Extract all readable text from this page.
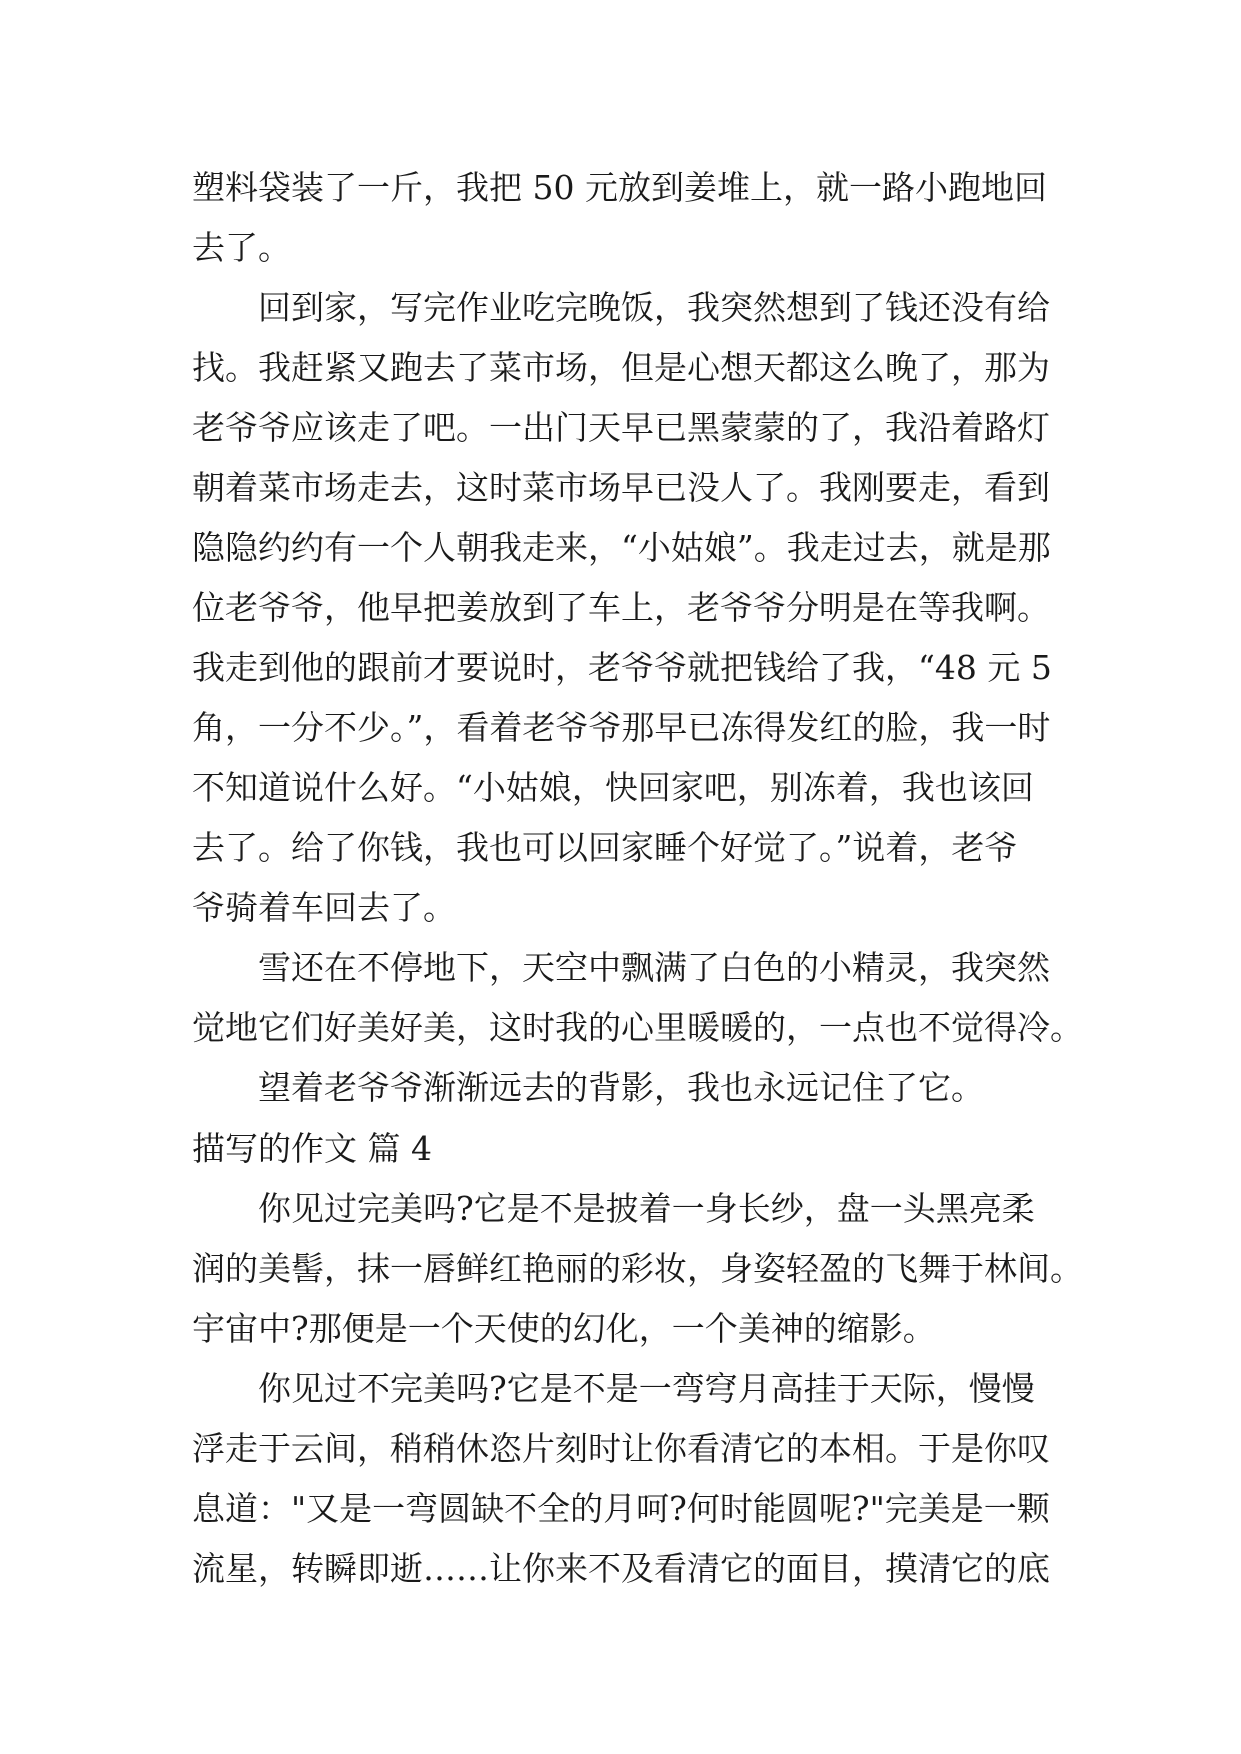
塑料袋装了一斤，我把 50 元放到姜堆上，就一路小跑地回
去了。
回到家，写完作业吃完晚饭，我突然想到了钱还没有给
找。我赶紧又跑去了菜市场，但是心想天都这么晚了，那为
老爷爷应该走了吧。一出门天早已黑蒙蒙的了，我沿着路灯
朝着菜市场走去，这时菜市场早已没人了。我刚要走，看到
隐隐约约有一个人朝我走来，“小姑娘”。我走过去，就是那
位老爷爷，他早把姜放到了车上，老爷爷分明是在等我啊。
我走到他的跟前才要说时，老爷爷就把钱给了我，“48 元 5
角，一分不少。”，看着老爷爷那早已冻得发红的脸，我一时
不知道说什么好。“小姑娘，快回家吧，别冻着，我也该回
去了。给了你钱，我也可以回家睡个好觉了。”说着，老爷
爷骑着车回去了。
雪还在不停地下，天空中飘满了白色的小精灵，我突然
觉地它们好美好美，这时我的心里暖暖的，一点也不觉得冷。
望着老爷爷渐渐远去的背影，我也永远记住了它。
描写的作文 篇 4
你见过完美吗?它是不是披着一身长纱，盘一头黑亮柔
润的美髻，抹一唇鲜红艳丽的彩妆，身姿轻盈的飞舞于林间。
宇宙中?那便是一个天使的幻化，一个美神的缩影。
你见过不完美吗?它是不是一弯穹月高挂于天际，慢慢
浮走于云间，稍稍休恣片刻时让你看清它的本相。于是你叹
息道："又是一弯圆缺不全的月呵?何时能圆呢?"完美是一颗
流星，转瞬即逝……让你来不及看清它的面目，摸清它的底
